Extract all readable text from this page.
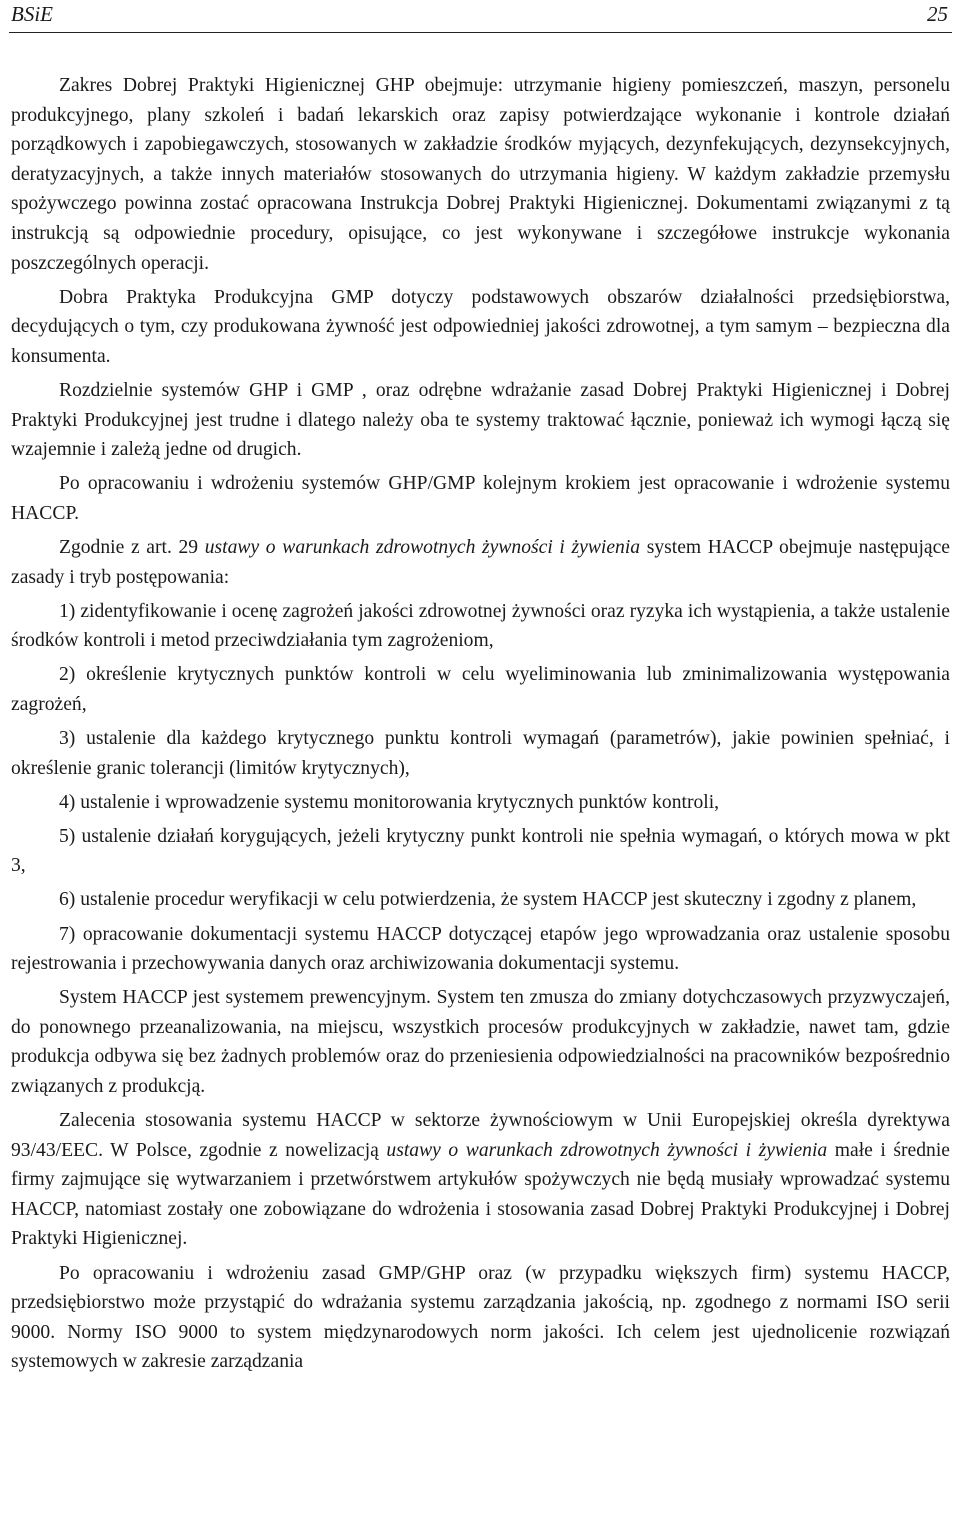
BSiE	25

Zakres Dobrej Praktyki Higienicznej GHP obejmuje: utrzymanie higieny pomieszczeń, maszyn, personelu produkcyjnego, plany szkoleń i badań lekarskich oraz zapisy potwierdzające wykonanie i kontrole działań porządkowych i zapobiegawczych, stosowanych w zakładzie środków myjących, dezynfekujących, dezynsekcyjnych, deratyzacyjnych, a także innych materiałów stosowanych do utrzymania higieny. W każdym zakładzie przemysłu spożywczego powinna zostać opracowana Instrukcja Dobrej Praktyki Higienicznej. Dokumentami związanymi z tą instrukcją są odpowiednie procedury, opisujące, co jest wykonywane i szczegółowe instrukcje wykonania poszczególnych operacji.

Dobra Praktyka Produkcyjna GMP dotyczy podstawowych obszarów działalności przedsiębiorstwa, decydujących o tym, czy produkowana żywność jest odpowiedniej jakości zdrowotnej, a tym samym – bezpieczna dla konsumenta.

Rozdzielnie systemów GHP i GMP , oraz odrębne wdrażanie zasad Dobrej Praktyki Higienicznej i Dobrej Praktyki Produkcyjnej jest trudne i dlatego należy oba te systemy traktować łącznie, ponieważ ich wymogi łączą się wzajemnie i zależą jedne od drugich.

Po opracowaniu i wdrożeniu systemów GHP/GMP kolejnym krokiem jest opracowanie i wdrożenie systemu HACCP.

Zgodnie z art. 29 ustawy o warunkach zdrowotnych żywności i żywienia system HACCP obejmuje następujące zasady i tryb postępowania:

1) zidentyfikowanie i ocenę zagrożeń jakości zdrowotnej żywności oraz ryzyka ich wystąpienia, a także ustalenie środków kontroli i metod przeciwdziałania tym zagrożeniom,

2) określenie krytycznych punktów kontroli w celu wyeliminowania lub zminimalizowania występowania zagrożeń,

3) ustalenie dla każdego krytycznego punktu kontroli wymagań (parametrów), jakie powinien spełniać, i określenie granic tolerancji (limitów krytycznych),

4) ustalenie i wprowadzenie systemu monitorowania krytycznych punktów kontroli,

5) ustalenie działań korygujących, jeżeli krytyczny punkt kontroli nie spełnia wymagań, o których mowa w pkt 3,

6) ustalenie procedur weryfikacji w celu potwierdzenia, że system HACCP jest skuteczny i zgodny z planem,

7) opracowanie dokumentacji systemu HACCP dotyczącej etapów jego wprowadzania oraz ustalenie sposobu rejestrowania i przechowywania danych oraz archiwizowania dokumentacji systemu.

System HACCP jest systemem prewencyjnym. System ten zmusza do zmiany dotychczasowych przyzwyczajeń, do ponownego przeanalizowania, na miejscu, wszystkich procesów produkcyjnych w zakładzie, nawet tam, gdzie produkcja odbywa się bez żadnych problemów oraz do przeniesienia odpowiedzialności na pracowników bezpośrednio związanych z produkcją.

Zalecenia stosowania systemu HACCP w sektorze żywnościowym w Unii Europejskiej określa dyrektywa 93/43/EEC. W Polsce, zgodnie z nowelizacją ustawy o warunkach zdrowotnych żywności i żywienia małe i średnie firmy zajmujące się wytwarzaniem i przetwórstwem artykułów spożywczych nie będą musiały wprowadzać systemu HACCP, natomiast zostały one zobowiązane do wdrożenia i stosowania zasad Dobrej Praktyki Produkcyjnej i Dobrej Praktyki Higienicznej.

Po opracowaniu i wdrożeniu zasad GMP/GHP oraz (w przypadku większych firm) systemu HACCP, przedsiębiorstwo może przystąpić do wdrażania systemu zarządzania jakością, np. zgodnego z normami ISO serii 9000. Normy ISO 9000 to system międzynarodowych norm jakości. Ich celem jest ujednolicenie rozwiązań systemowych w zakresie zarządzania
